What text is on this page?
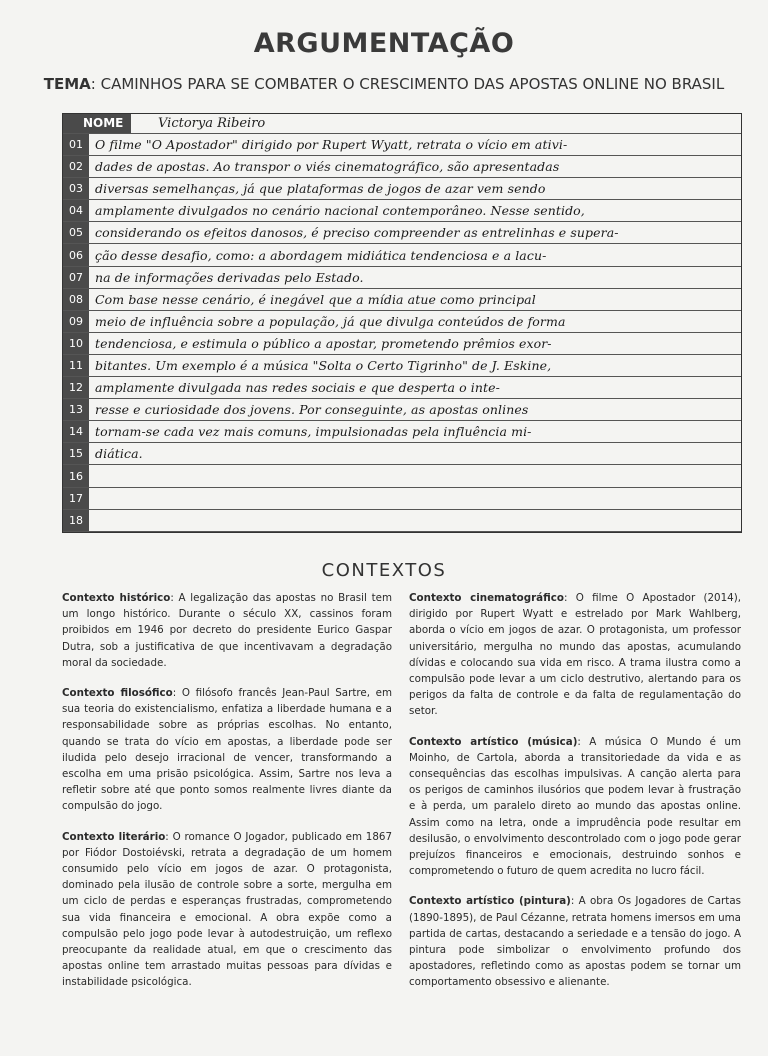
ARGUMENTAÇÃO
TEMA: CAMINHOS PARA SE COMBATER O CRESCIMENTO DAS APOSTAS ONLINE NO BRASIL
NOME	Victorya Ribeiro
01 O filme "O Apostador" dirigido por Rupert Wyatt, retrata o vício em ativi-
02 dades de apostas. Ao transpor o viés cinematográfico, são apresentadas
03 diversas semelhanças, já que plataformas de jogos de azar vem sendo
04 amplamente divulgados no cenário nacional contemporâneo. Nesse sentido,
05 considerando os efeitos danosos, é preciso compreender as entrelinhas e supera-
06 ção desse desafio, como: a abordagem midiática tendenciosa e a lacu-
07 na de informações derivadas pelo Estado.
08 Com base nesse cenário, é inegável que a mídia atue como principal
09 meio de influência sobre a população, já que divulga conteúdos de forma
10 tendenciosa, e estimula o público a apostar, prometendo prêmios exor-
11 bitantes. Um exemplo é a música "Solta o Certo Tigrinho" de J. Eskine,
12 amplamente divulgada nas redes sociais e que desperta o inte-
13 resse e curiosidade dos jovens. Por conseguinte, as apostas onlines
14 tornam-se cada vez mais comuns, impulsionadas pela influência mi-
15 diática.
16
17
18
CONTEXTOS

Contexto histórico: A legalização das apostas no Brasil tem um longo histórico. Durante o século XX, cassinos foram proibidos em 1946 por decreto do presidente Eurico Gaspar Dutra, sob a justificativa de que incentivavam a degradação moral da sociedade.

Contexto filosófico: O filósofo francês Jean-Paul Sartre, em sua teoria do existencialismo, enfatiza a liberdade humana e a responsabilidade sobre as próprias escolhas. No entanto, quando se trata do vício em apostas, a liberdade pode ser iludida pelo desejo irracional de vencer, transformando a escolha em uma prisão psicológica. Assim, Sartre nos leva a refletir sobre até que ponto somos realmente livres diante da compulsão do jogo.

Contexto literário: O romance O Jogador, publicado em 1867 por Fiódor Dostoiévski, retrata a degradação de um homem consumido pelo vício em jogos de azar. O protagonista, dominado pela ilusão de controle sobre a sorte, mergulha em um ciclo de perdas e esperanças frustradas, comprometendo sua vida financeira e emocional. A obra expõe como a compulsão pelo jogo pode levar à autodestruição, um reflexo preocupante da realidade atual, em que o crescimento das apostas online tem arrastado muitas pessoas para dívidas e instabilidade psicológica.

Contexto cinematográfico: O filme O Apostador (2014), dirigido por Rupert Wyatt e estrelado por Mark Wahlberg, aborda o vício em jogos de azar. O protagonista, um professor universitário, mergulha no mundo das apostas, acumulando dívidas e colocando sua vida em risco. A trama ilustra como a compulsão pode levar a um ciclo destrutivo, alertando para os perigos da falta de controle e da falta de regulamentação do setor.

Contexto artístico (música): A música O Mundo é um Moinho, de Cartola, aborda a transitoriedade da vida e as consequências das escolhas impulsivas. A canção alerta para os perigos de caminhos ilusórios que podem levar à frustração e à perda, um paralelo direto ao mundo das apostas online. Assim como na letra, onde a imprudência pode resultar em desilusão, o envolvimento descontrolado com o jogo pode gerar prejuízos financeiros e emocionais, destruindo sonhos e comprometendo o futuro de quem acredita no lucro fácil.

Contexto artístico (pintura): A obra Os Jogadores de Cartas (1890-1895), de Paul Cézanne, retrata homens imersos em uma partida de cartas, destacando a seriedade e a tensão do jogo. A pintura pode simbolizar o envolvimento profundo dos apostadores, refletindo como as apostas podem se tornar um comportamento obsessivo e alienante.
